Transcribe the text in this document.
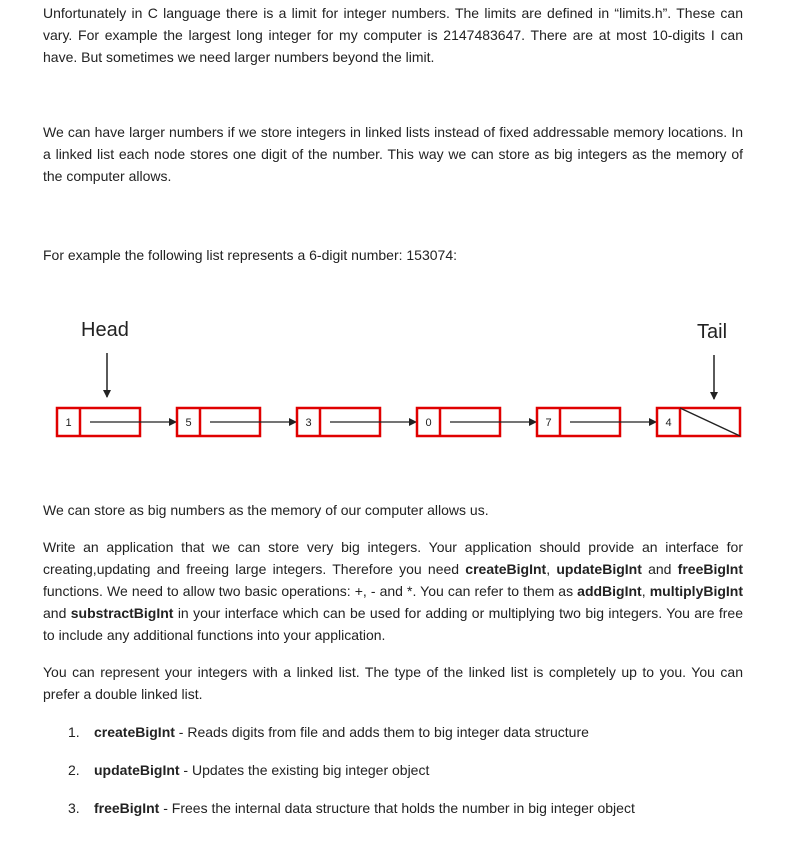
Unfortunately in C language there is a limit for integer numbers. The limits are defined in “limits.h”. These can vary. For example the largest long integer for my computer is 2147483647. There are at most 10-digits I can have. But sometimes we need larger numbers beyond the limit.

We can have larger numbers if we store integers in linked lists instead of fixed addressable memory locations. In a linked list each node stores one digit of the number. This way we can store as big integers as the memory of the computer allows.

For example the following list represents a 6-digit number: 153074:

Head	Tail
1	5	3	0	7	4

We can store as big numbers as the memory of our computer allows us.

Write an application that we can store very big integers. Your application should provide an interface for creating,updating and freeing large integers. Therefore you need createBigInt, updateBigInt and freeBigInt functions. We need to allow two basic operations: +, - and *. You can refer to them as addBigInt, multiplyBigInt and substractBigInt in your interface which can be used for adding or multiplying two big integers. You are free to include any additional functions into your application.

You can represent your integers with a linked list. The type of the linked list is completely up to you. You can prefer a double linked list.

1. createBigInt - Reads digits from file and adds them to big integer data structure
2. updateBigInt - Updates the existing big integer object
3. freeBigInt - Frees the internal data structure that holds the number in big integer object
